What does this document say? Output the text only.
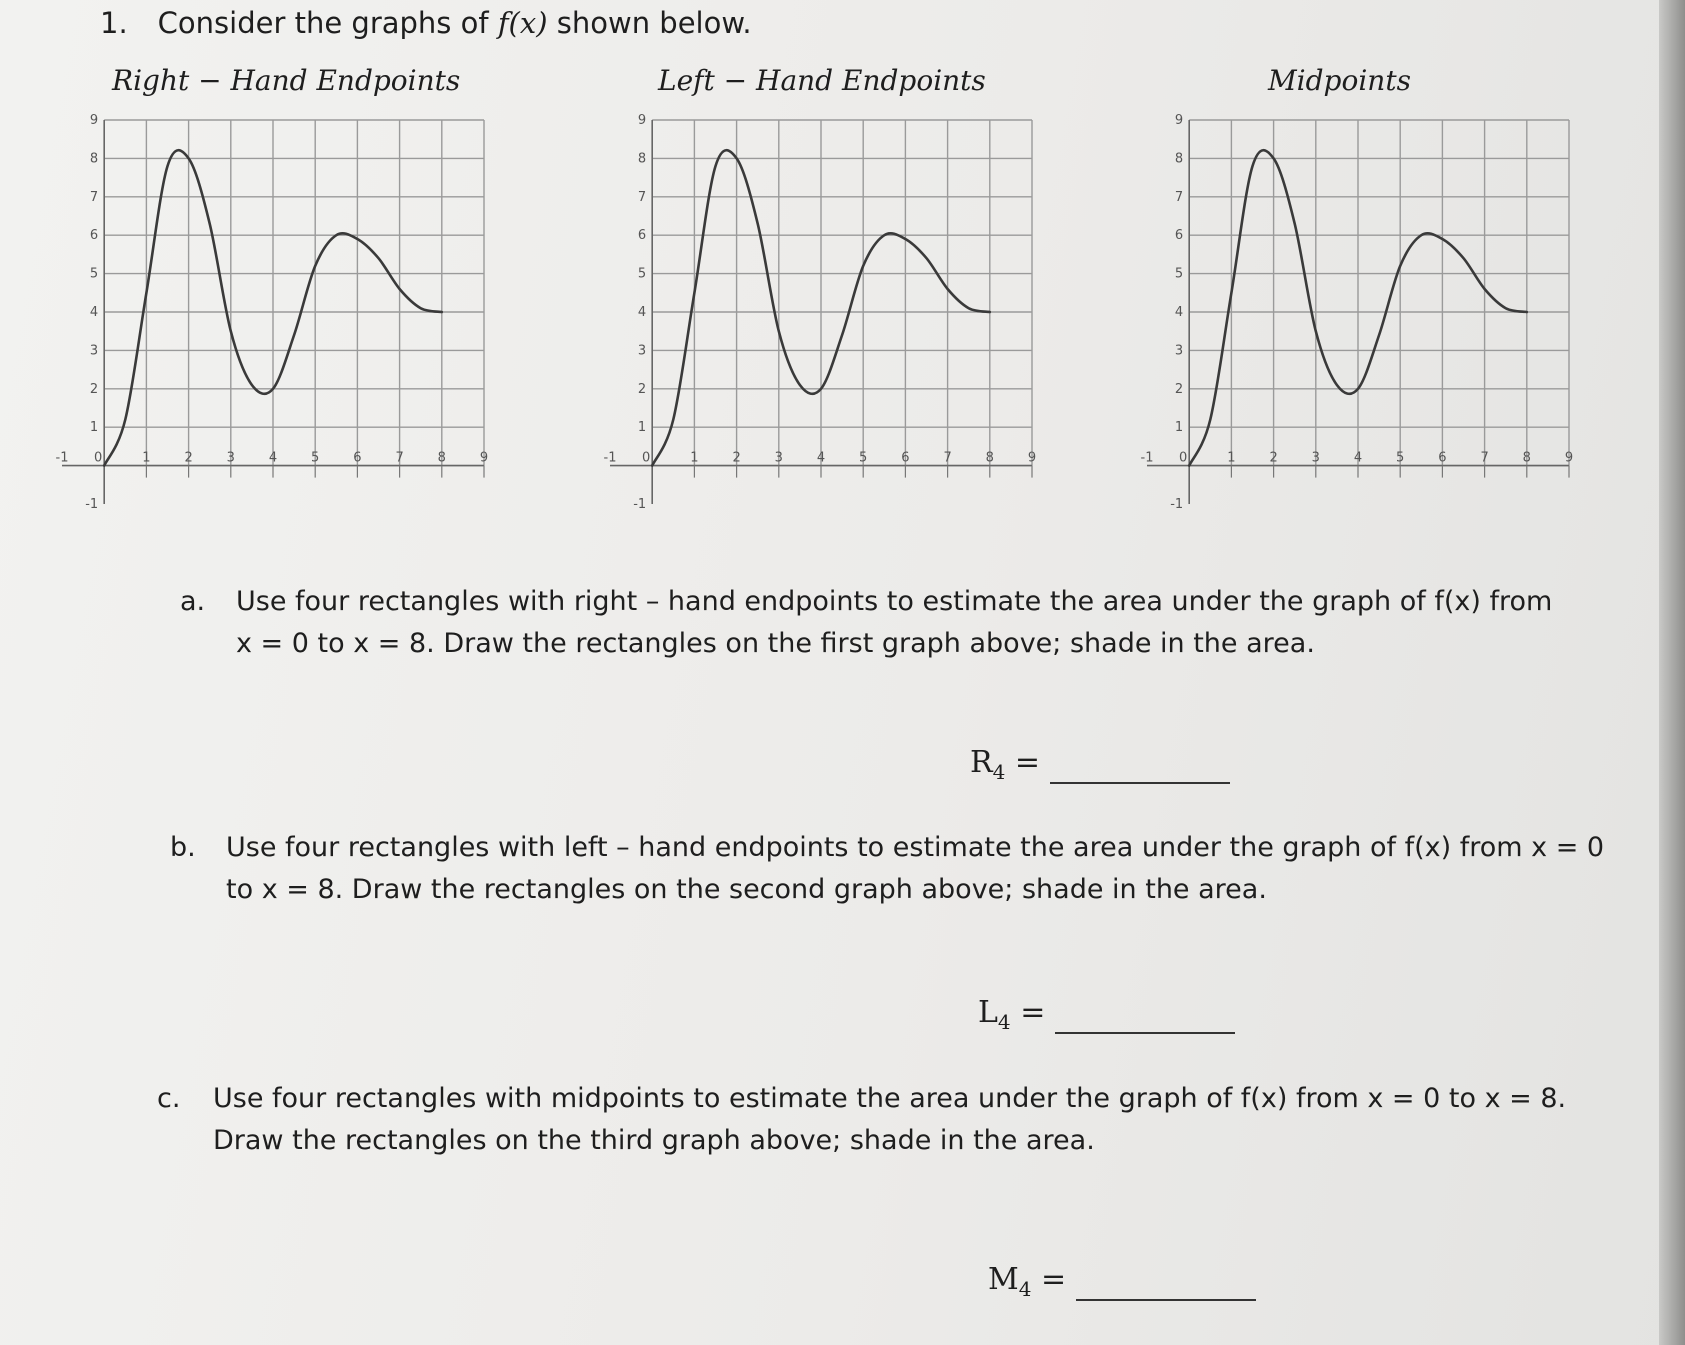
1. Consider the graphs of f(x) shown below.
Right − Hand Endpoints	Left − Hand Endpoints	Midpoints
-1 0	1	2	3	4	5	6	7	8	9
-1
1
2
3
4
5
6
7
8
9
-1 0	1	2	3	4	5	6	7	8	9
-1
1
2
3
4
5
6
7
8
9
-1 0	1	2	3	4	5	6	7	8	9
-1
1
2
3
4
5
6
7
8
9
a. Use four rectangles with right – hand endpoints to estimate the area under the graph of f(x) from
x = 0 to x = 8. Draw the rectangles on the first graph above; shade in the area.
$R_4$ =
b. Use four rectangles with left – hand endpoints to estimate the area under the graph of f(x) from x = 0
to x = 8. Draw the rectangles on the second graph above; shade in the area.
$L_4$ =
c. Use four rectangles with midpoints to estimate the area under the graph of f(x) from x = 0 to x = 8.
Draw the rectangles on the third graph above; shade in the area.
$M_4$ =
